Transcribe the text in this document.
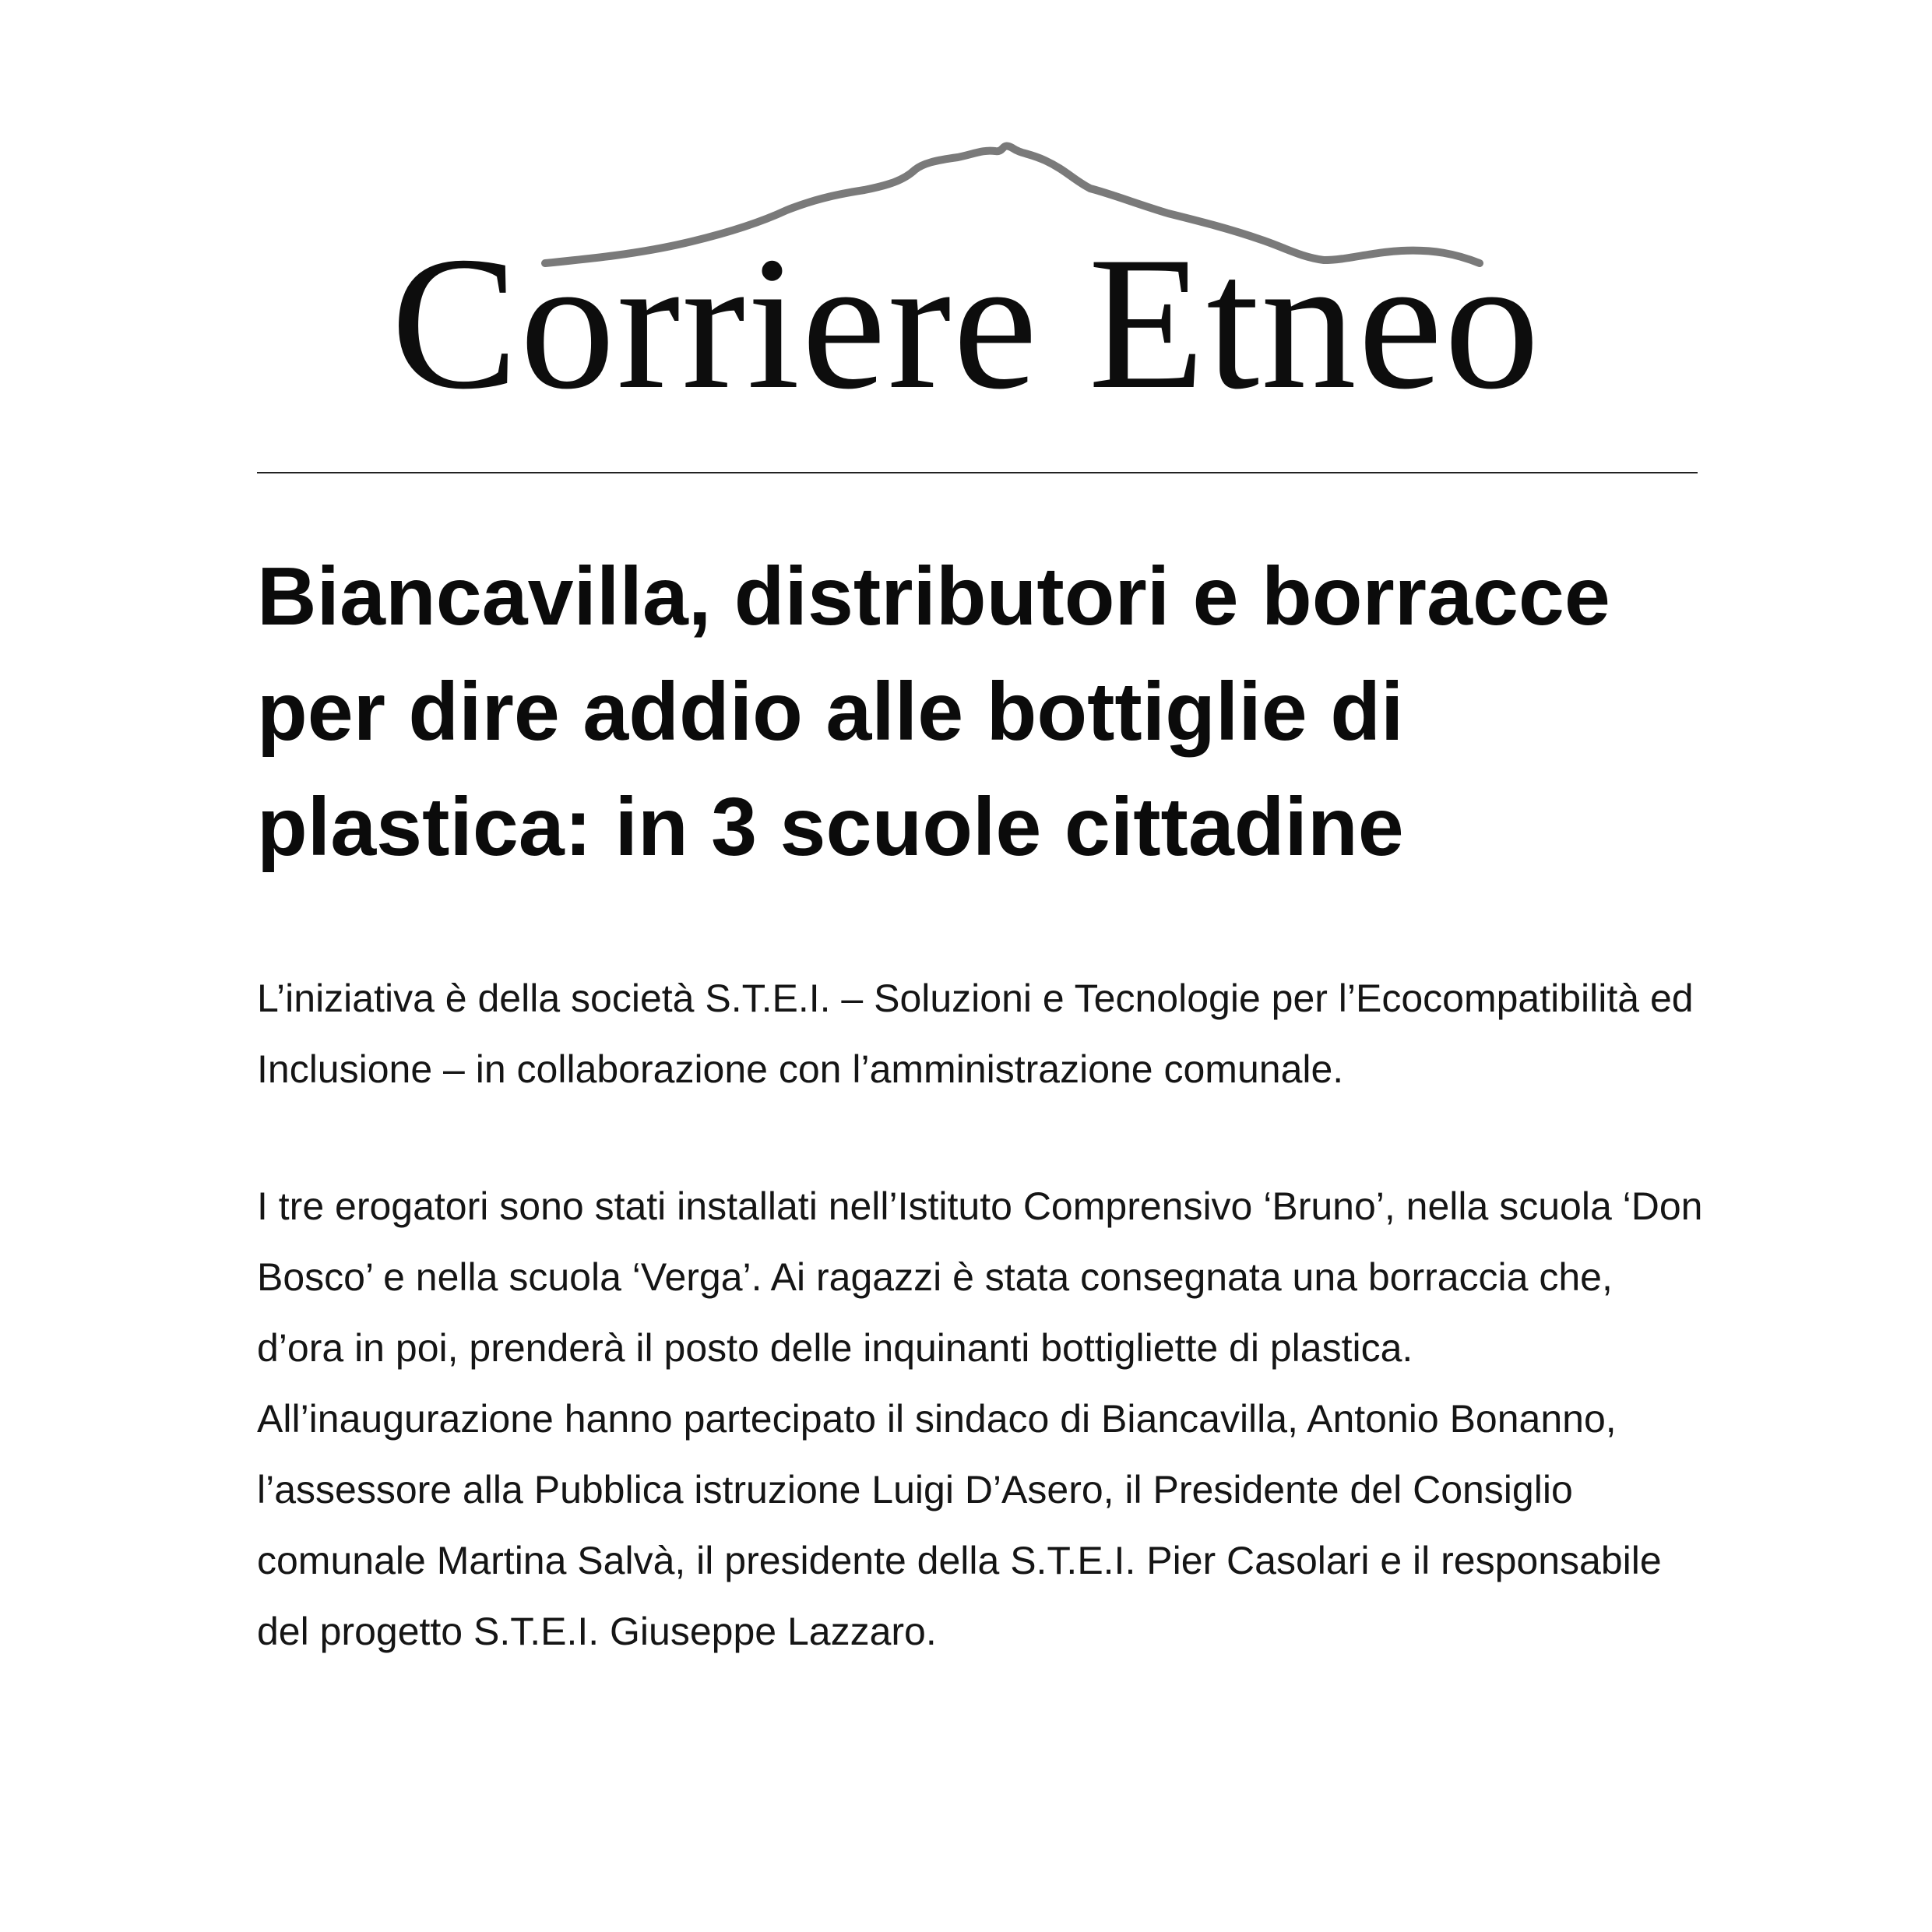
Corriere Etneo
Biancavilla, distributori e borracce per dire addio alle bottiglie di plastica: in 3 scuole cittadine

L’iniziativa è della società S.T.E.I. – Soluzioni e Tecnologie per l’Ecocompatibilità ed Inclusione – in collaborazione con l’amministrazione comunale.

I tre erogatori sono stati installati nell’Istituto Comprensivo ‘Bruno’, nella scuola ‘Don Bosco’ e nella scuola ‘Verga’. Ai ragazzi è stata consegnata una borraccia che, d’ora in poi, prenderà il posto delle inquinanti bottigliette di plastica.

All’inaugurazione hanno partecipato il sindaco di Biancavilla, Antonio Bonanno, l’assessore alla Pubblica istruzione Luigi D’Asero, il Presidente del Consiglio comunale Martina Salvà, il presidente della S.T.E.I. Pier Casolari e il responsabile del progetto S.T.E.I. Giuseppe Lazzaro.
